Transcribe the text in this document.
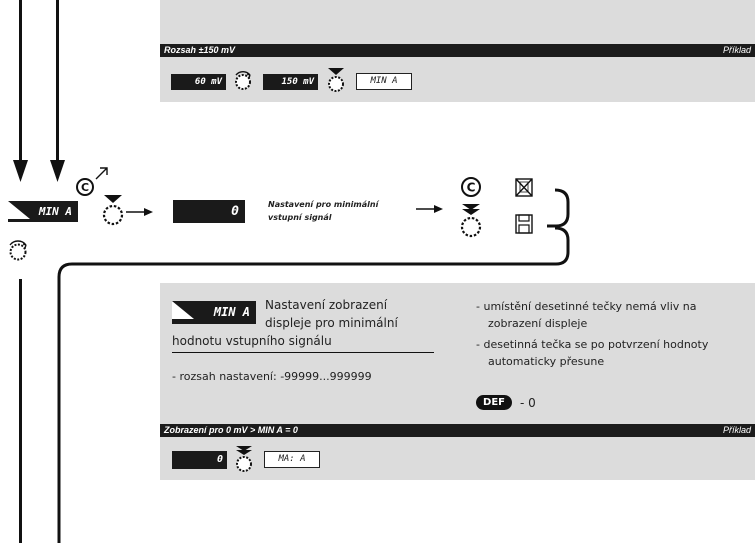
Rozsah ±150 mV	Příklad
60 mV	150 mV	MIN A
C
MIN A	0	Nastavení pro minimální
vstupní signál
C
MIN A	Nastavení zobrazení
displeje pro minimální
hodnotu vstupního signálu
- rozsah nastavení: -99999...999999
- umístění desetinné tečky nemá vliv na
zobrazení displeje
- desetinná tečka se po potvrzení hodnoty
automaticky přesune
DEF	- 0
Zobrazení pro 0 mV > MIN A = 0	Příklad
0	MA: A
